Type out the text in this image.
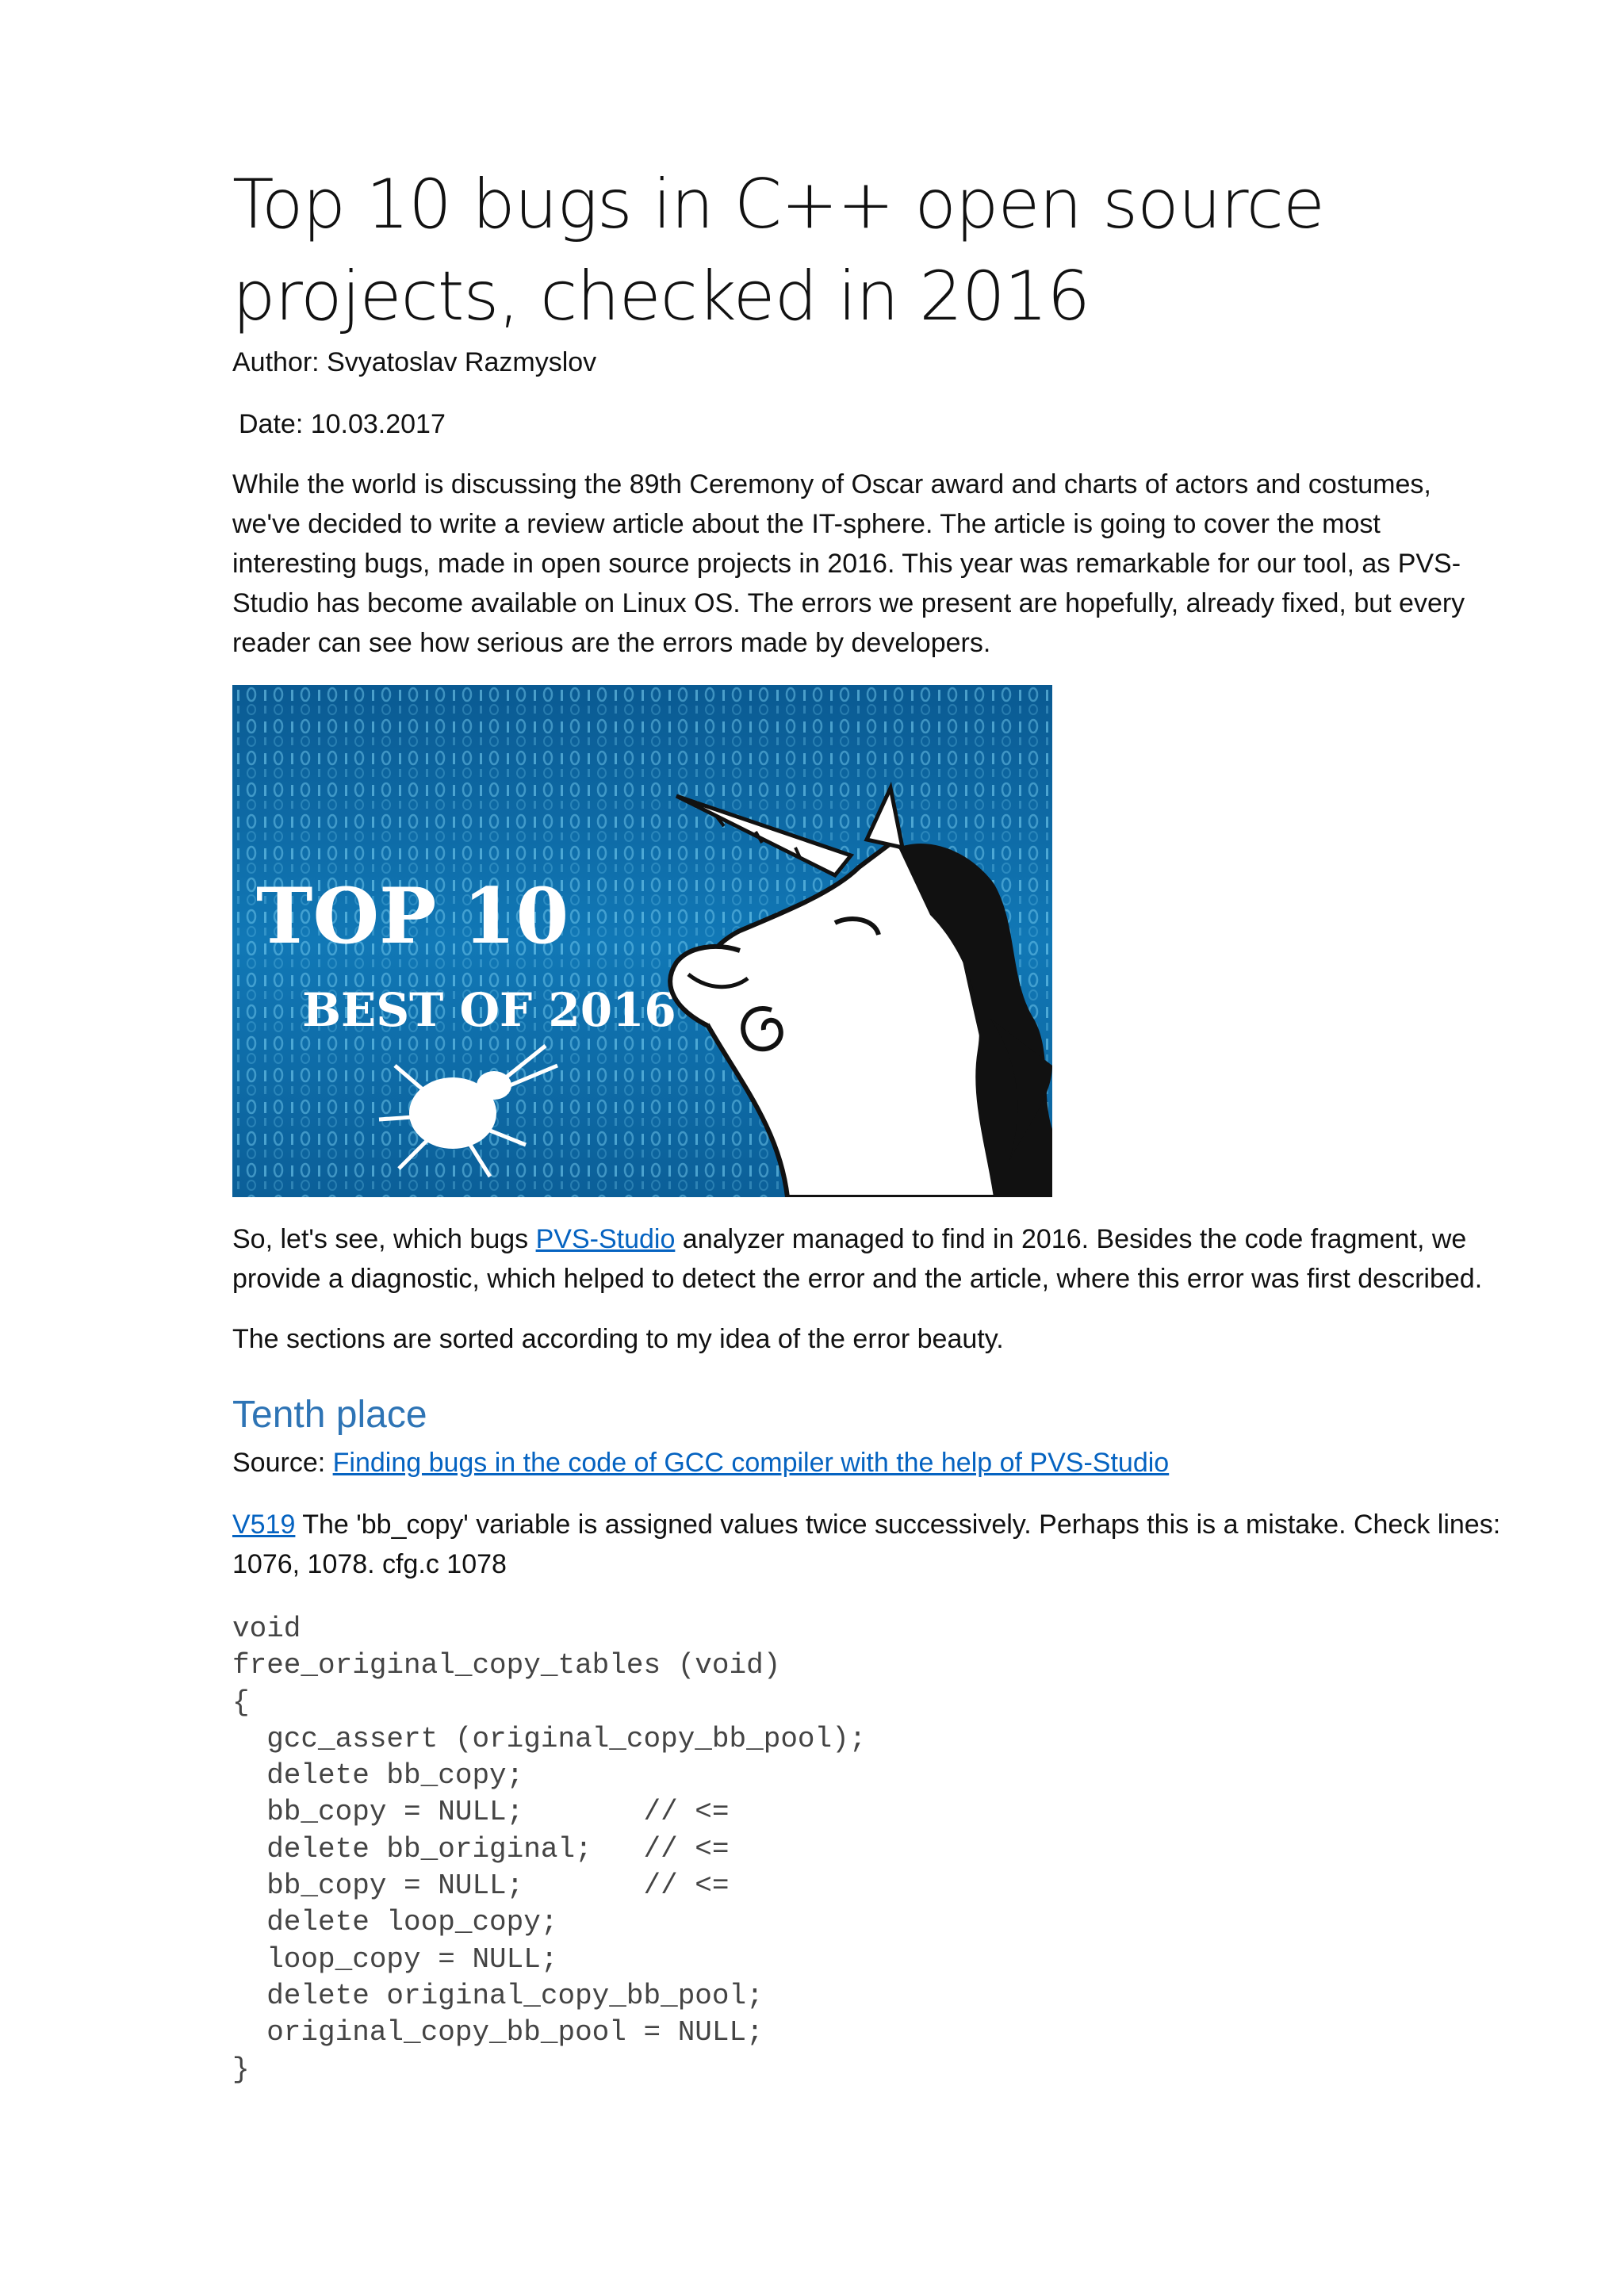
Top 10 bugs in C++ open source projects, checked in 2016

Author: Svyatoslav Razmyslov

Date: 10.03.2017

While the world is discussing the 89th Ceremony of Oscar award and charts of actors and costumes, we've decided to write a review article about the IT-sphere. The article is going to cover the most interesting bugs, made in open source projects in 2016. This year was remarkable for our tool, as PVS-Studio has become available on Linux OS. The errors we present are hopefully, already fixed, but every reader can see how serious are the errors made by developers.

TOP 10
BEST OF 2016

So, let's see, which bugs PVS-Studio analyzer managed to find in 2016. Besides the code fragment, we provide a diagnostic, which helped to detect the error and the article, where this error was first described.

The sections are sorted according to my idea of the error beauty.

Tenth place

Source: Finding bugs in the code of GCC compiler with the help of PVS-Studio

V519 The 'bb_copy' variable is assigned values twice successively. Perhaps this is a mistake. Check lines: 1076, 1078. cfg.c 1078

void
free_original_copy_tables (void)
{
gcc_assert (original_copy_bb_pool);
delete bb_copy;
bb_copy = NULL;       // <=
delete bb_original;   // <=
bb_copy = NULL;       // <=
delete loop_copy;
loop_copy = NULL;
delete original_copy_bb_pool;
original_copy_bb_pool = NULL;
}
